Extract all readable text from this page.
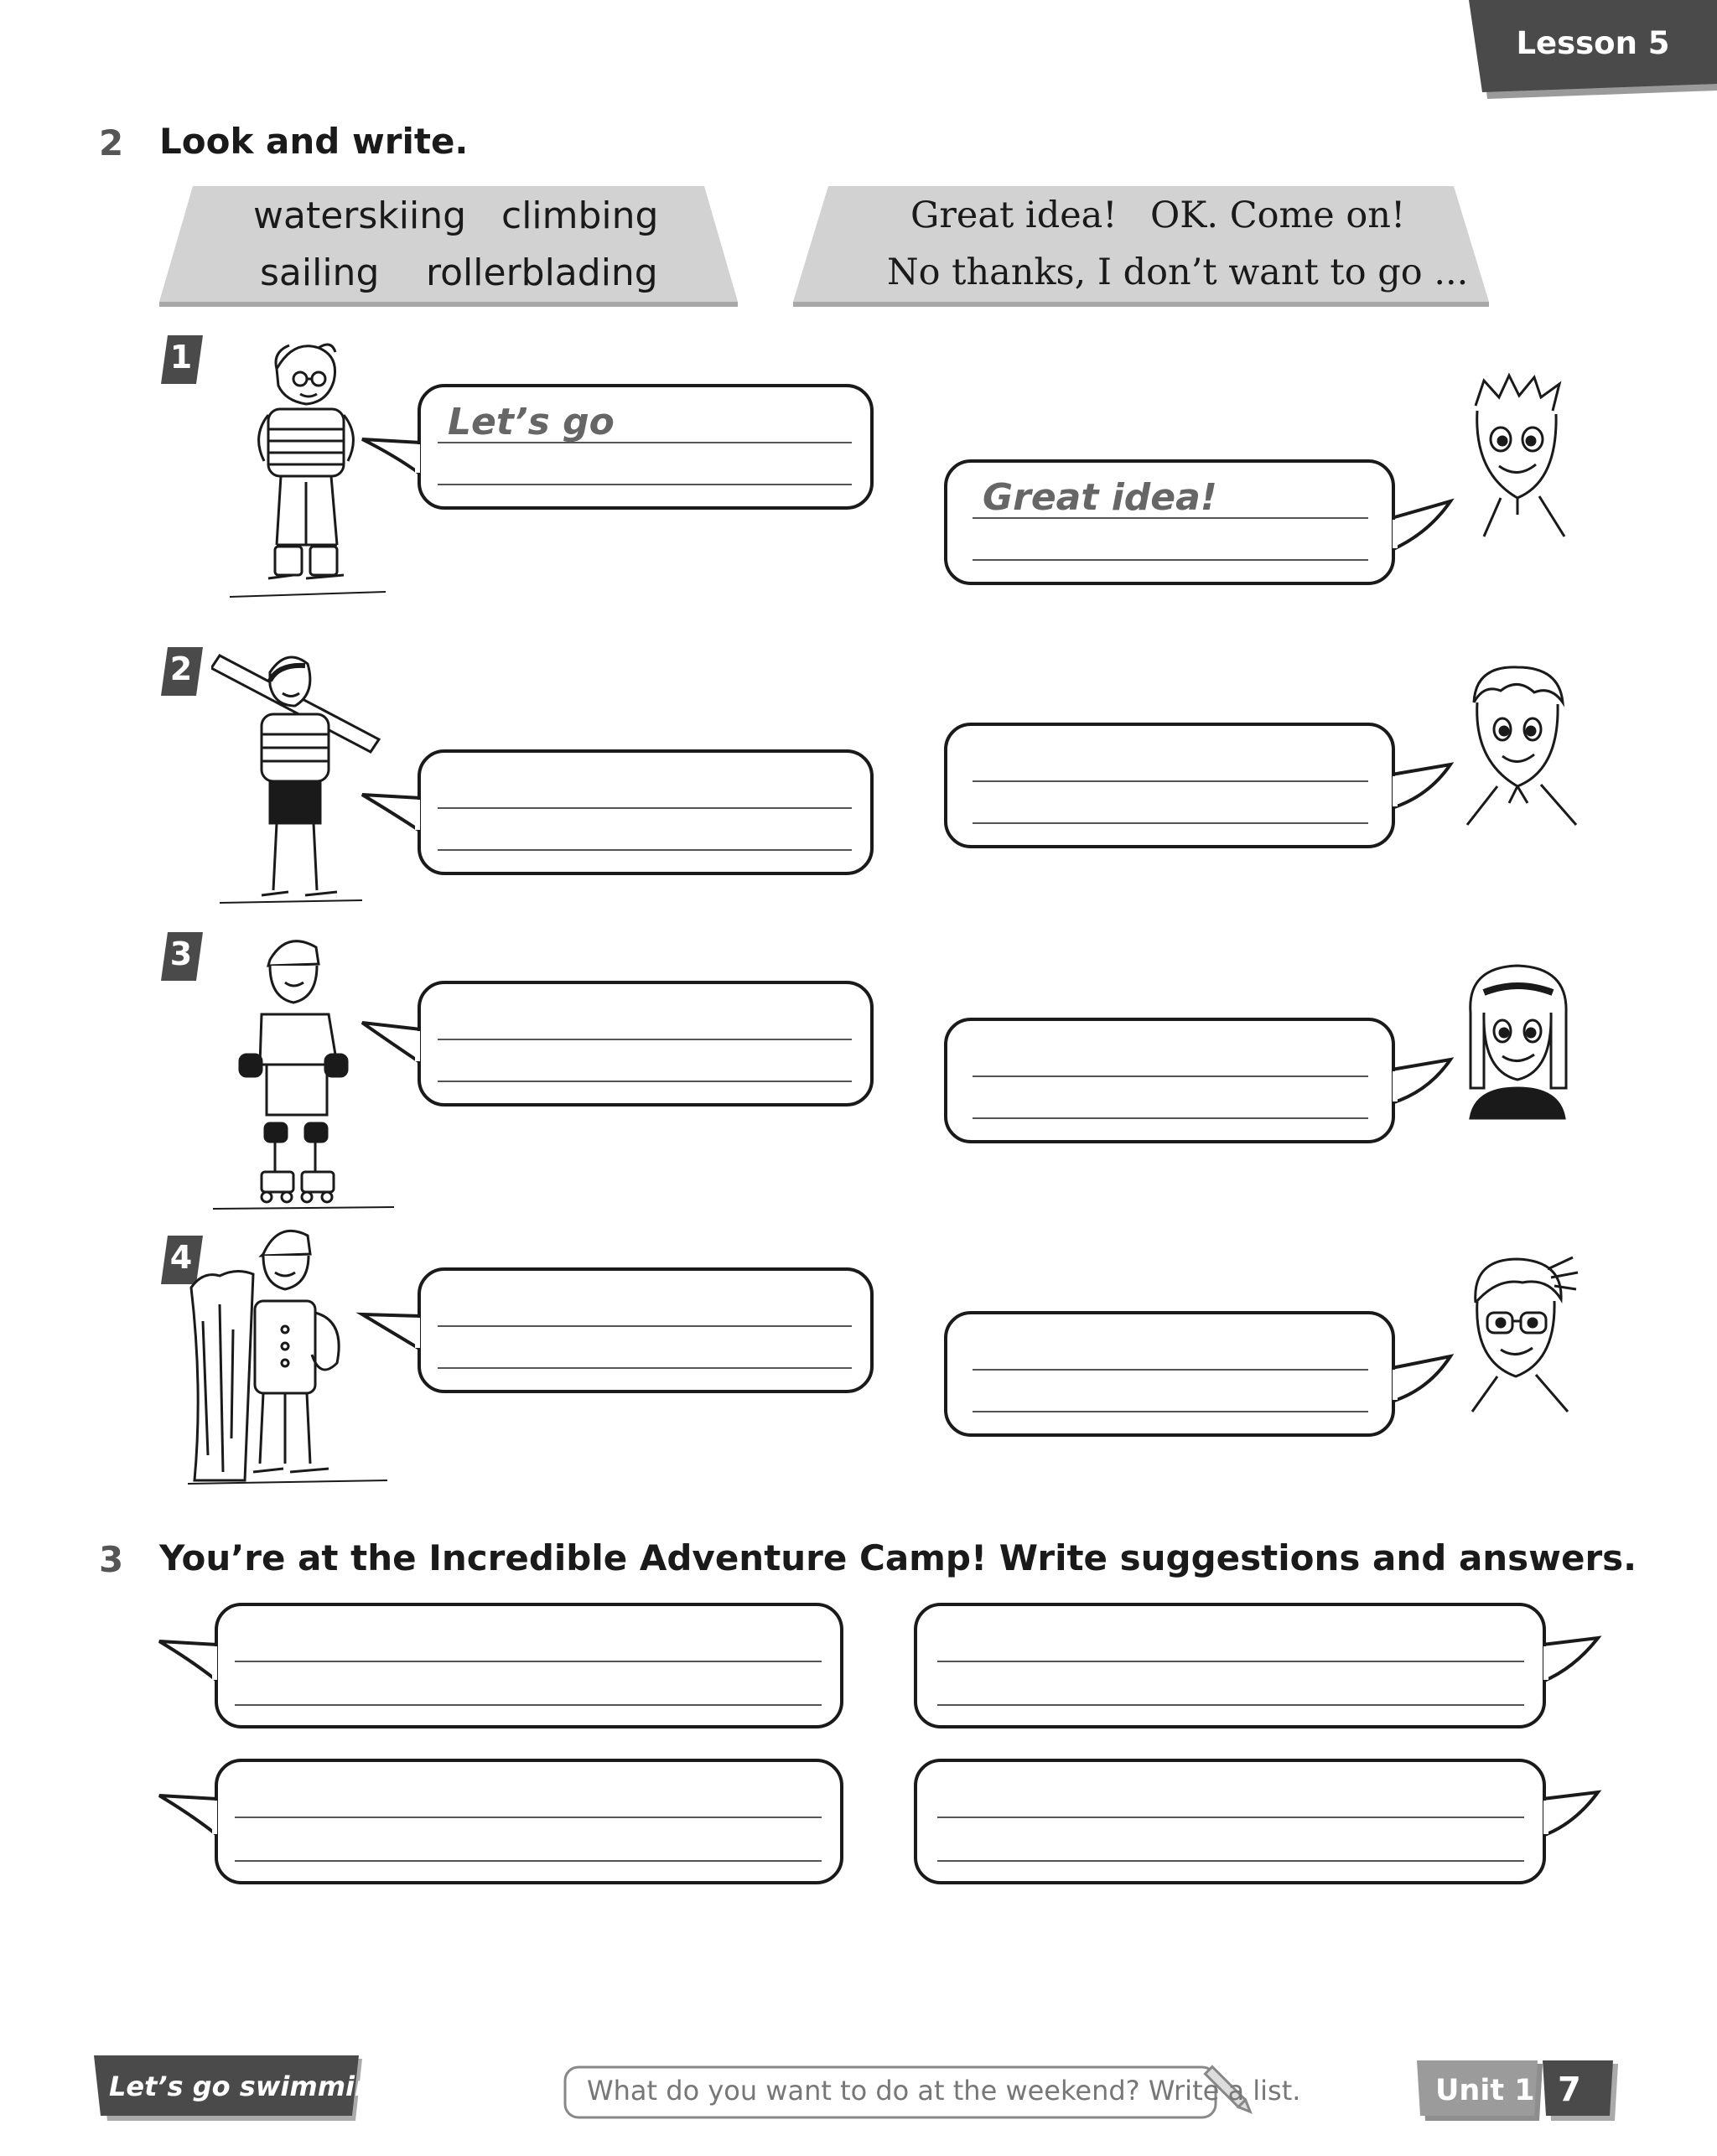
Lesson 5
2 Look and write.
waterskiing climbing
sailing rollerblading
Great idea! OK. Come on!
No thanks, I don’t want to go ...
1
Let’s go
Great idea!
2
3
4
3 You’re at the Incredible Adventure Camp! Write suggestions and answers.
Let’s go swimming.	What do you want to do at the weekend? Write a list.	Unit 1 7
